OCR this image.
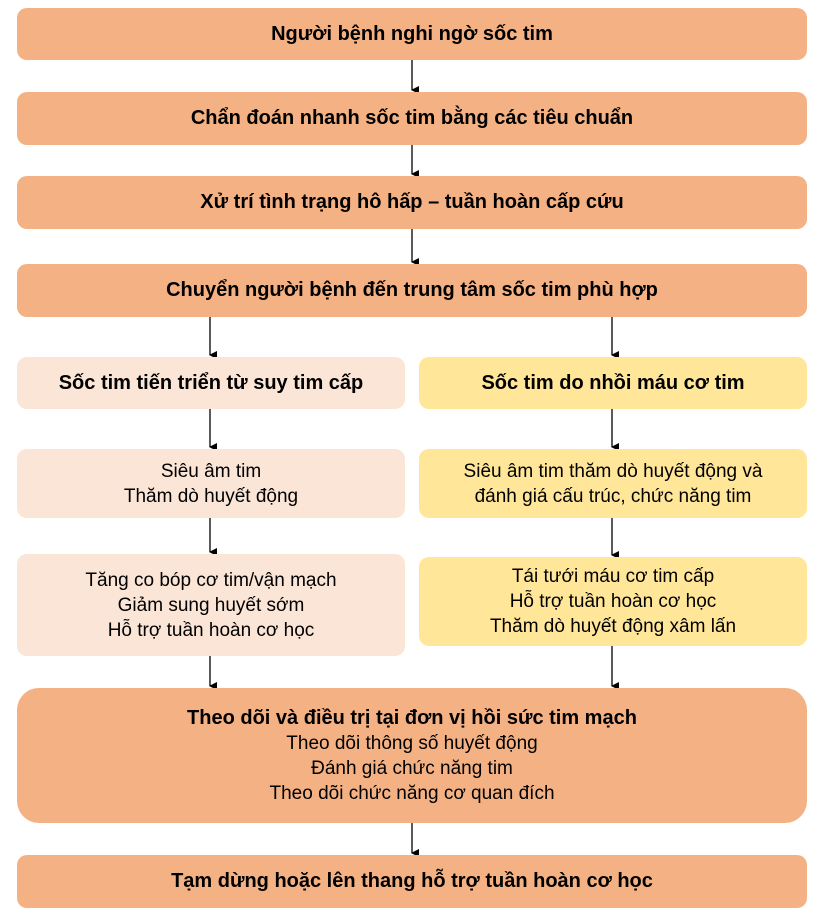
Người bệnh nghi ngờ sốc tim
Chẩn đoán nhanh sốc tim bằng các tiêu chuẩn
Xử trí tình trạng hô hấp – tuần hoàn cấp cứu
Chuyển người bệnh đến trung tâm sốc tim phù hợp
Sốc tim tiến triển từ suy tim cấp	Sốc tim do nhồi máu cơ tim
Siêu âm tim
Thăm dò huyết động
Siêu âm tim thăm dò huyết động và
đánh giá cấu trúc, chức năng tim
Tăng co bóp cơ tim/vận mạch
Giảm sung huyết sớm
Hỗ trợ tuần hoàn cơ học
Tái tưới máu cơ tim cấp
Hỗ trợ tuần hoàn cơ học
Thăm dò huyết động xâm lấn
Theo dõi và điều trị tại đơn vị hồi sức tim mạch
Theo dõi thông số huyết động
Đánh giá chức năng tim
Theo dõi chức năng cơ quan đích
Tạm dừng hoặc lên thang hỗ trợ tuần hoàn cơ học
